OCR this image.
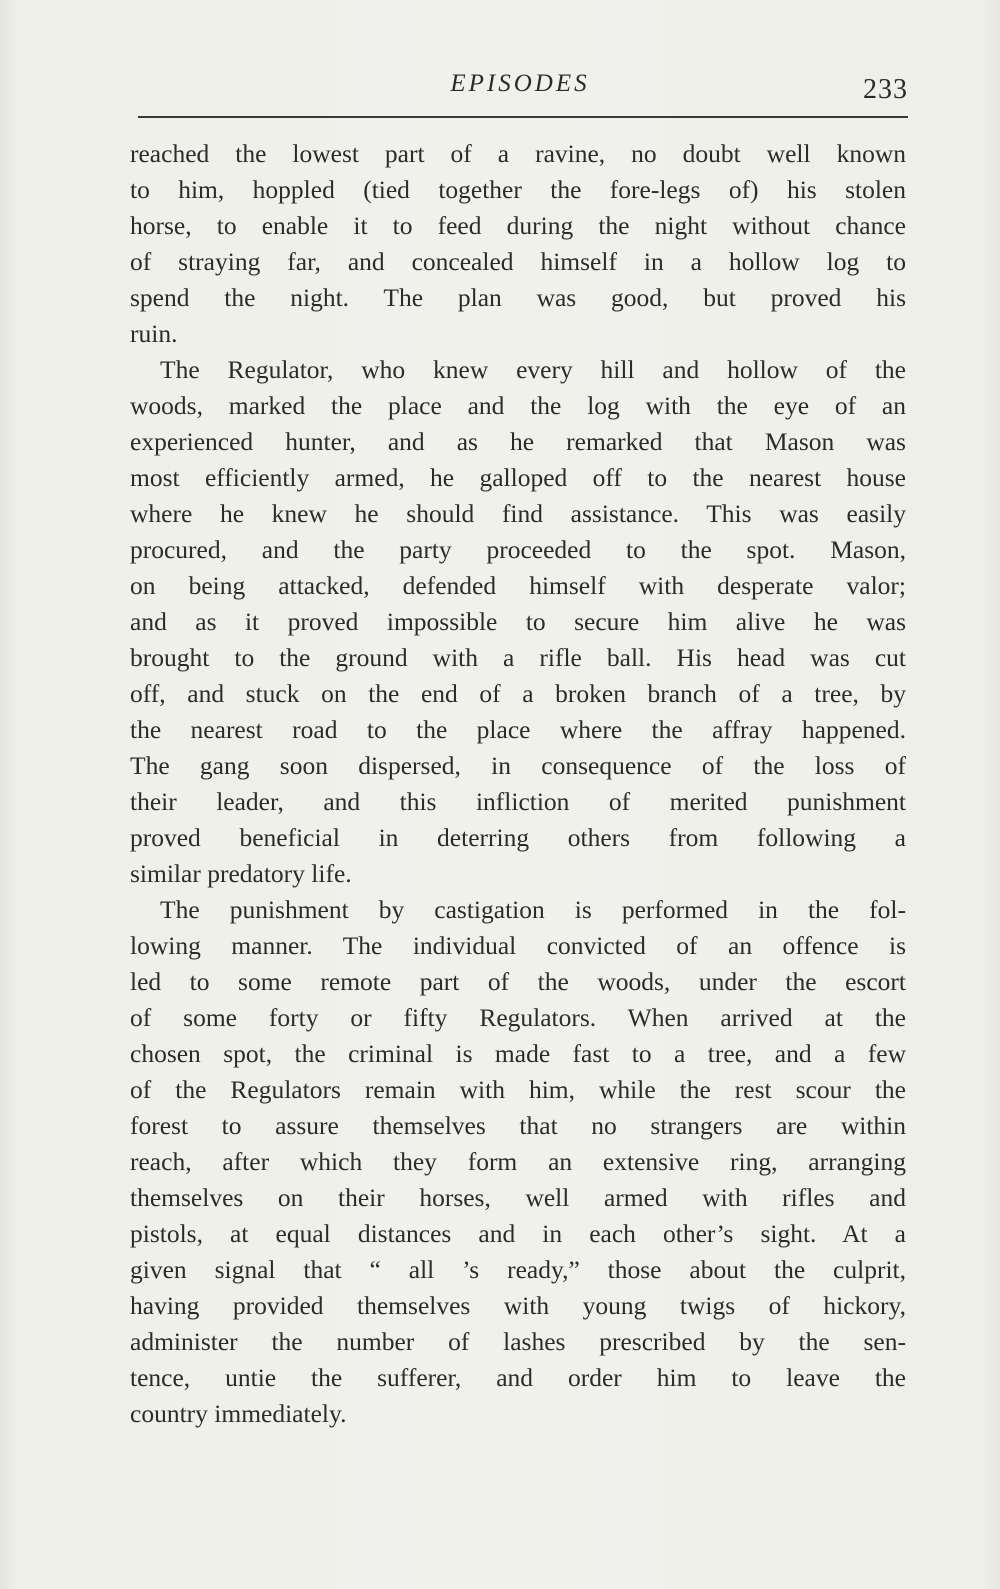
EPISODES	233
reached the lowest part of a ravine, no doubt well known
to him, hoppled (tied together the fore-legs of) his stolen
horse, to enable it to feed during the night without chance
of straying far, and concealed himself in a hollow log to
spend the night. The plan was good, but proved his
ruin.
The Regulator, who knew every hill and hollow of the
woods, marked the place and the log with the eye of an
experienced hunter, and as he remarked that Mason was
most efficiently armed, he galloped off to the nearest house
where he knew he should find assistance. This was easily
procured, and the party proceeded to the spot. Mason,
on being attacked, defended himself with desperate valor;
and as it proved impossible to secure him alive he was
brought to the ground with a rifle ball. His head was cut
off, and stuck on the end of a broken branch of a tree, by
the nearest road to the place where the affray happened.
The gang soon dispersed, in consequence of the loss of
their leader, and this infliction of merited punishment
proved beneficial in deterring others from following a
similar predatory life.
The punishment by castigation is performed in the fol-
lowing manner. The individual convicted of an offence is
led to some remote part of the woods, under the escort
of some forty or fifty Regulators. When arrived at the
chosen spot, the criminal is made fast to a tree, and a few
of the Regulators remain with him, while the rest scour the
forest to assure themselves that no strangers are within
reach, after which they form an extensive ring, arranging
themselves on their horses, well armed with rifles and
pistols, at equal distances and in each other’s sight. At a
given signal that “ all ’s ready,” those about the culprit,
having provided themselves with young twigs of hickory,
administer the number of lashes prescribed by the sen-
tence, untie the sufferer, and order him to leave the
country immediately.
